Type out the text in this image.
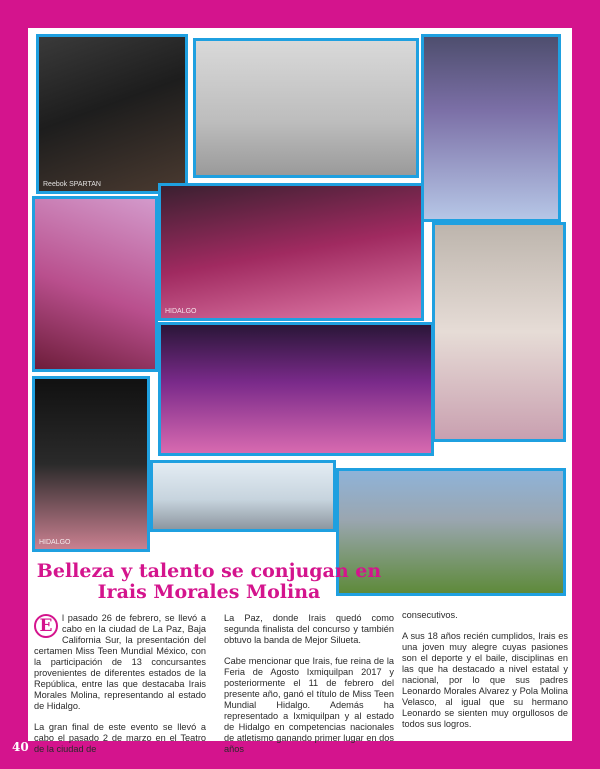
Reebok SPARTAN
HIDALGO
HIDALGO
Belleza y talento se conjugan en
Irais Morales Molina

E	l pasado 26 de febrero, se llevó a cabo en la ciudad de La Paz, Baja California Sur, la presentación del certamen Miss Teen Mundial México, con la participación de 13 concursantes provenientes de diferentes estados de la República, entre las que destacaba Irais Morales Molina, representando al estado de Hidalgo.

La gran final de este evento se llevó a cabo el pasado 2 de marzo en el Teatro de la ciudad de

La Paz, donde Irais quedó como segunda finalista del concurso y también obtuvo la banda de Mejor Silueta.

Cabe mencionar que Irais, fue reina de la Feria de Agosto Ixmiquilpan 2017 y posteriormente el 11 de febrero del presente año, ganó el título de Miss Teen Mundial Hidalgo. Además ha representado a Ixmiquilpan y al estado de Hidalgo en competencias nacionales de atletismo ganando primer lugar en dos años

consecutivos.

A sus 18 años recién cumplidos, Irais es una joven muy alegre cuyas pasiones son el deporte y el baile, disciplinas en las que ha destacado a nivel estatal y nacional, por lo que sus padres Leonardo Morales Alvarez y Pola Molina Velasco, al igual que su hermano Leonardo se sienten muy orgullosos de todos sus logros.

40
